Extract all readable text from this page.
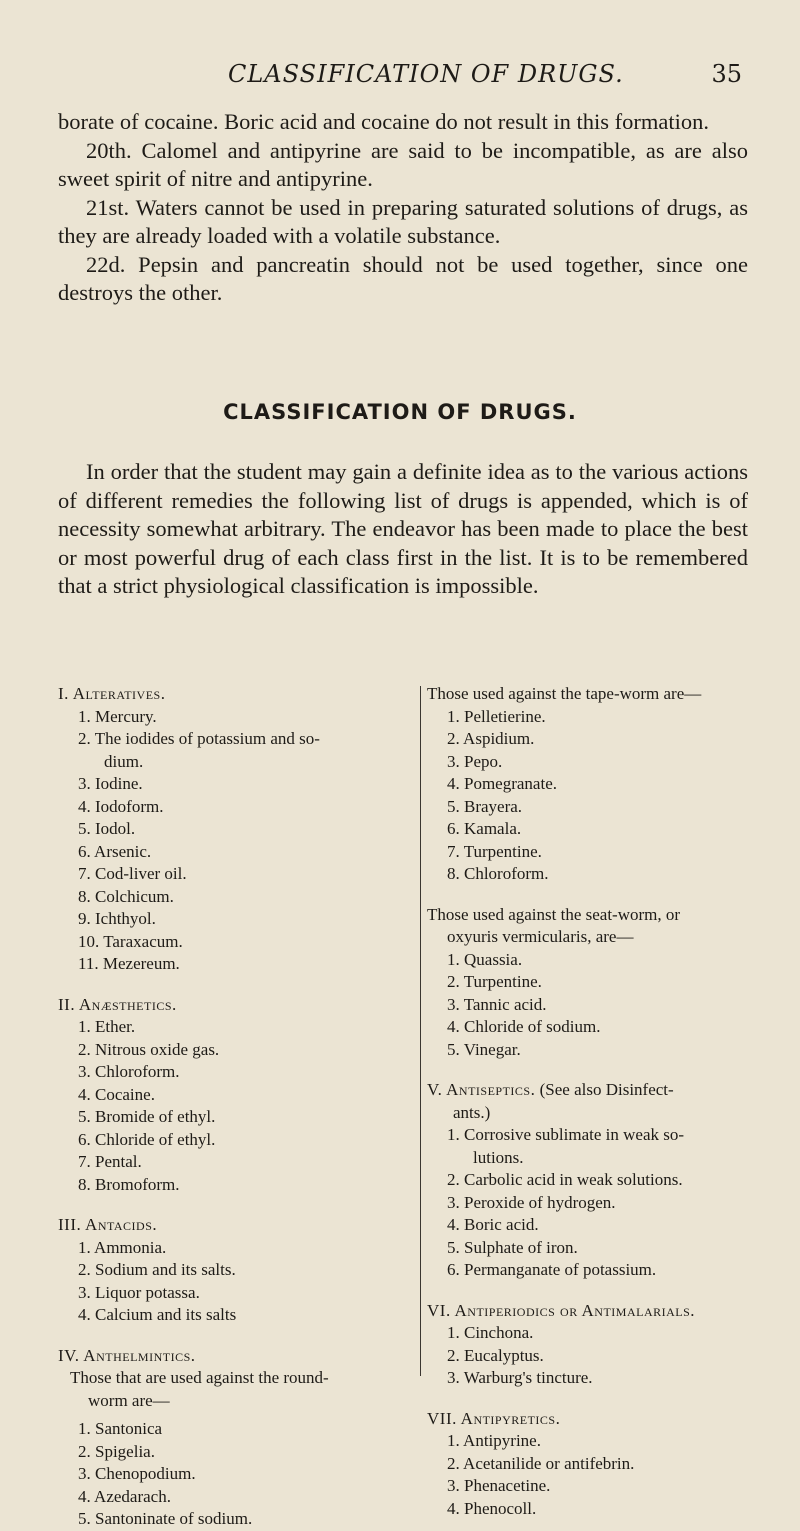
CLASSIFICATION OF DRUGS.	35

borate of cocaine. Boric acid and cocaine do not result in this formation.

20th. Calomel and antipyrine are said to be incompatible, as are also sweet spirit of nitre and antipyrine.

21st. Waters cannot be used in preparing saturated solutions of drugs, as they are already loaded with a volatile substance.

22d. Pepsin and pancreatin should not be used together, since one destroys the other.

CLASSIFICATION OF DRUGS.

In order that the student may gain a definite idea as to the various actions of different remedies the following list of drugs is appended, which is of necessity somewhat arbitrary. The endeavor has been made to place the best or most powerful drug of each class first in the list. It is to be remembered that a strict physiological classification is impossible.

I. Alteratives.
1. Mercury.
2. The iodides of potassium and so-
dium.
3. Iodine.
4. Iodoform.
5. Iodol.
6. Arsenic.
7. Cod-liver oil.
8. Colchicum.
9. Ichthyol.
10. Taraxacum.
11. Mezereum.
II. Anæsthetics.
1. Ether.
2. Nitrous oxide gas.
3. Chloroform.
4. Cocaine.
5. Bromide of ethyl.
6. Chloride of ethyl.
7. Pental.
8. Bromoform.
III. Antacids.
1. Ammonia.
2. Sodium and its salts.
3. Liquor potassa.
4. Calcium and its salts
IV. Anthelmintics.
Those that are used against the round-
worm are—
1. Santonica
2. Spigelia.
3. Chenopodium.
4. Azedarach.
5. Santoninate of sodium.
Those used against the tape-worm are—
1. Pelletierine.
2. Aspidium.
3. Pepo.
4. Pomegranate.
5. Brayera.
6. Kamala.
7. Turpentine.
8. Chloroform.
Those used against the seat-worm, or
oxyuris vermicularis, are—
1. Quassia.
2. Turpentine.
3. Tannic acid.
4. Chloride of sodium.
5. Vinegar.
V. Antiseptics. (See also Disinfect-
ants.)
1. Corrosive sublimate in weak so-
lutions.
2. Carbolic acid in weak solutions.
3. Peroxide of hydrogen.
4. Boric acid.
5. Sulphate of iron.
6. Permanganate of potassium.
VI. Antiperiodics or Antimalarials.
1. Cinchona.
2. Eucalyptus.
3. Warburg's tincture.
VII. Antipyretics.
1. Antipyrine.
2. Acetanilide or antifebrin.
3. Phenacetine.
4. Phenocoll.
